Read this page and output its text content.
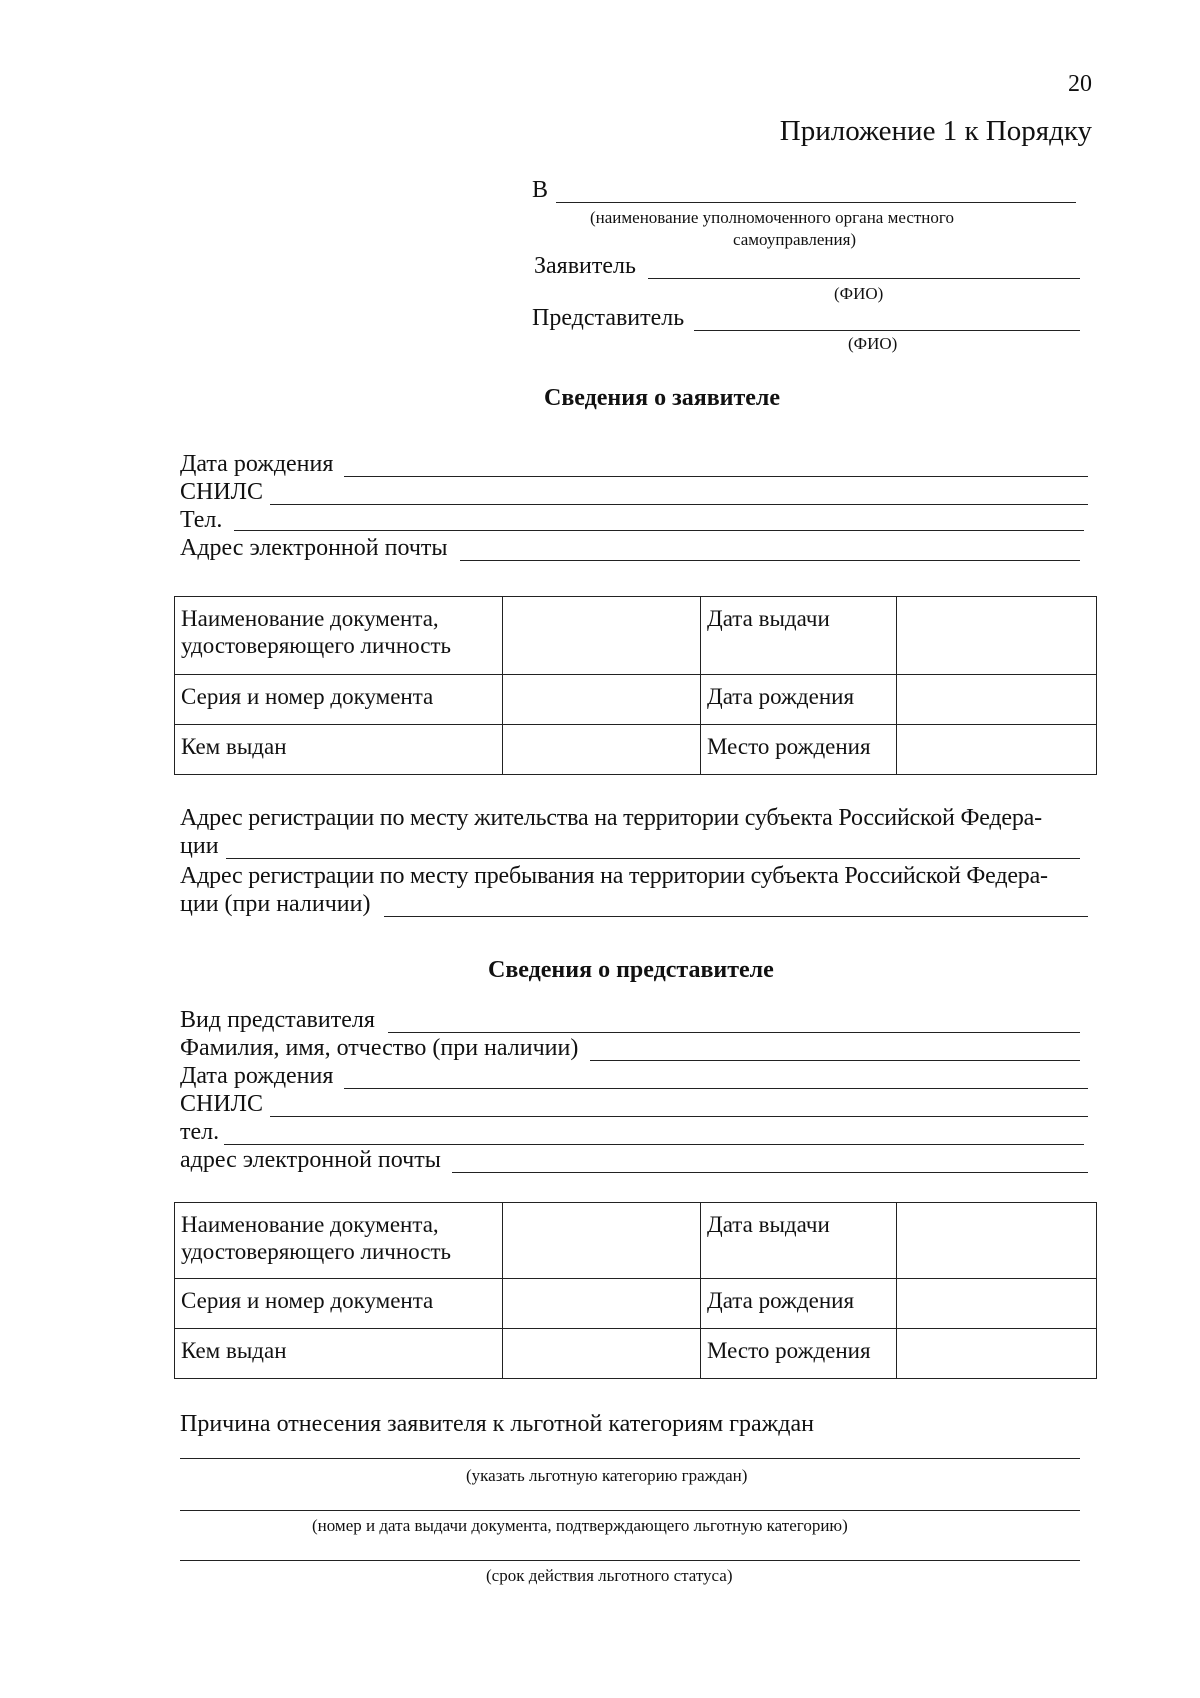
20
Приложение 1 к Порядку
В
(наименование уполномоченного органа местного
самоуправления)
Заявитель
(ФИО)
Представитель
(ФИО)
Сведения о заявителе
Дата рождения
СНИЛС
Тел.
Адрес электронной почты
Наименование документа, удостоверяющего личность		Дата выдачи	
Серия и номер документа		Дата рождения	
Кем выдан		Место рождения	
Адрес регистрации по месту жительства на территории субъекта Российской Федера-
ции
Адрес регистрации по месту пребывания на территории субъекта Российской Федера-
ции (при наличии)
Сведения о представителе
Вид представителя
Фамилия, имя, отчество (при наличии)
Дата рождения
СНИЛС
тел.
адрес электронной почты
Наименование документа, удостоверяющего личность		Дата выдачи	
Серия и номер документа		Дата рождения	
Кем выдан		Место рождения	
Причина отнесения заявителя к льготной категориям граждан
(указать льготную категорию граждан)
(номер и дата выдачи документа, подтверждающего льготную категорию)
(срок действия льготного статуса)
